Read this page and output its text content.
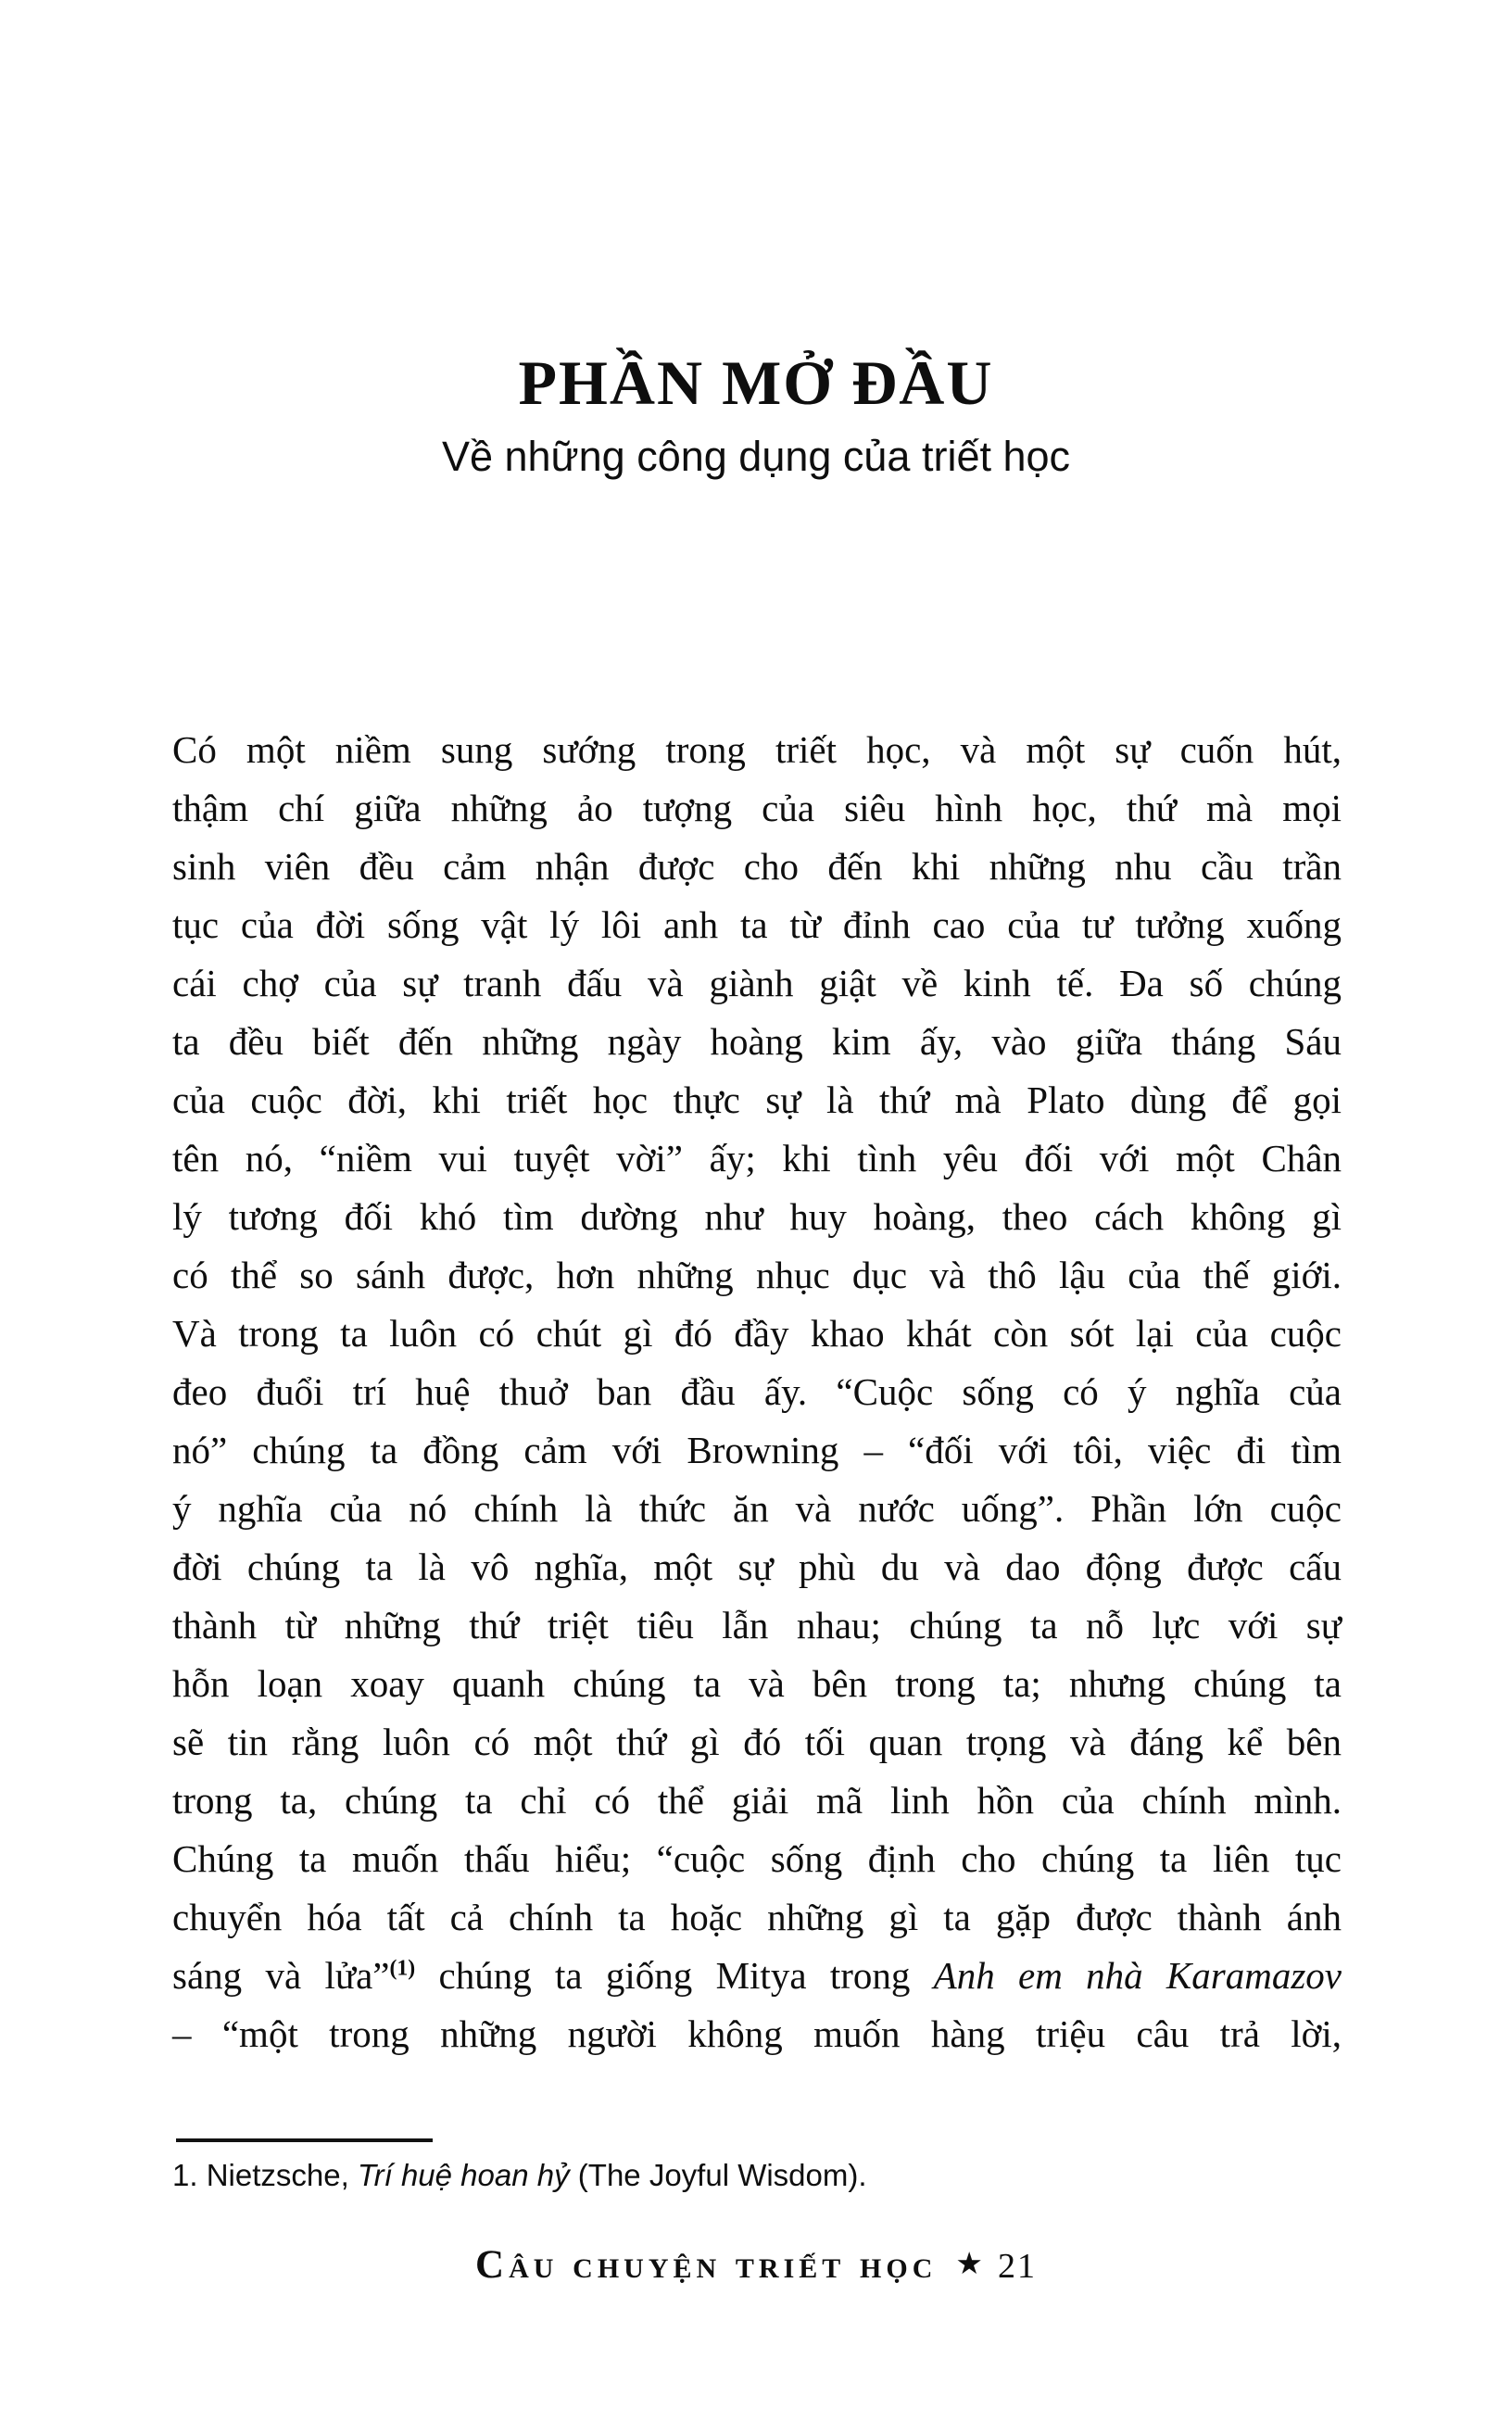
PHẦN MỞ ĐẦU
Về những công dụng của triết học
Có một niềm sung sướng trong triết học, và một sự cuốn hút,
thậm chí giữa những ảo tượng của siêu hình học, thứ mà mọi
sinh viên đều cảm nhận được cho đến khi những nhu cầu trần
tục của đời sống vật lý lôi anh ta từ đỉnh cao của tư tưởng xuống
cái chợ của sự tranh đấu và giành giật về kinh tế. Đa số chúng
ta đều biết đến những ngày hoàng kim ấy, vào giữa tháng Sáu
của cuộc đời, khi triết học thực sự là thứ mà Plato dùng để gọi
tên nó, “niềm vui tuyệt vời” ấy; khi tình yêu đối với một Chân
lý tương đối khó tìm dường như huy hoàng, theo cách không gì
có thể so sánh được, hơn những nhục dục và thô lậu của thế giới.
Và trong ta luôn có chút gì đó đầy khao khát còn sót lại của cuộc
đeo đuổi trí huệ thuở ban đầu ấy. “Cuộc sống có ý nghĩa của
nó” chúng ta đồng cảm với Browning – “đối với tôi, việc đi tìm
ý nghĩa của nó chính là thức ăn và nước uống”. Phần lớn cuộc
đời chúng ta là vô nghĩa, một sự phù du và dao động được cấu
thành từ những thứ triệt tiêu lẫn nhau; chúng ta nỗ lực với sự
hỗn loạn xoay quanh chúng ta và bên trong ta; nhưng chúng ta
sẽ tin rằng luôn có một thứ gì đó tối quan trọng và đáng kể bên
trong ta, chúng ta chỉ có thể giải mã linh hồn của chính mình.
Chúng ta muốn thấu hiểu; “cuộc sống định cho chúng ta liên tục
chuyển hóa tất cả chính ta hoặc những gì ta gặp được thành ánh
sáng và lửa”$^{(1)}$ chúng ta giống Mitya trong Anh em nhà Karamazov
– “một trong những người không muốn hàng triệu câu trả lời,
1. Nietzsche, Trí huệ hoan hỷ (The Joyful Wisdom).
Câu chuyện triết học ★ 21
